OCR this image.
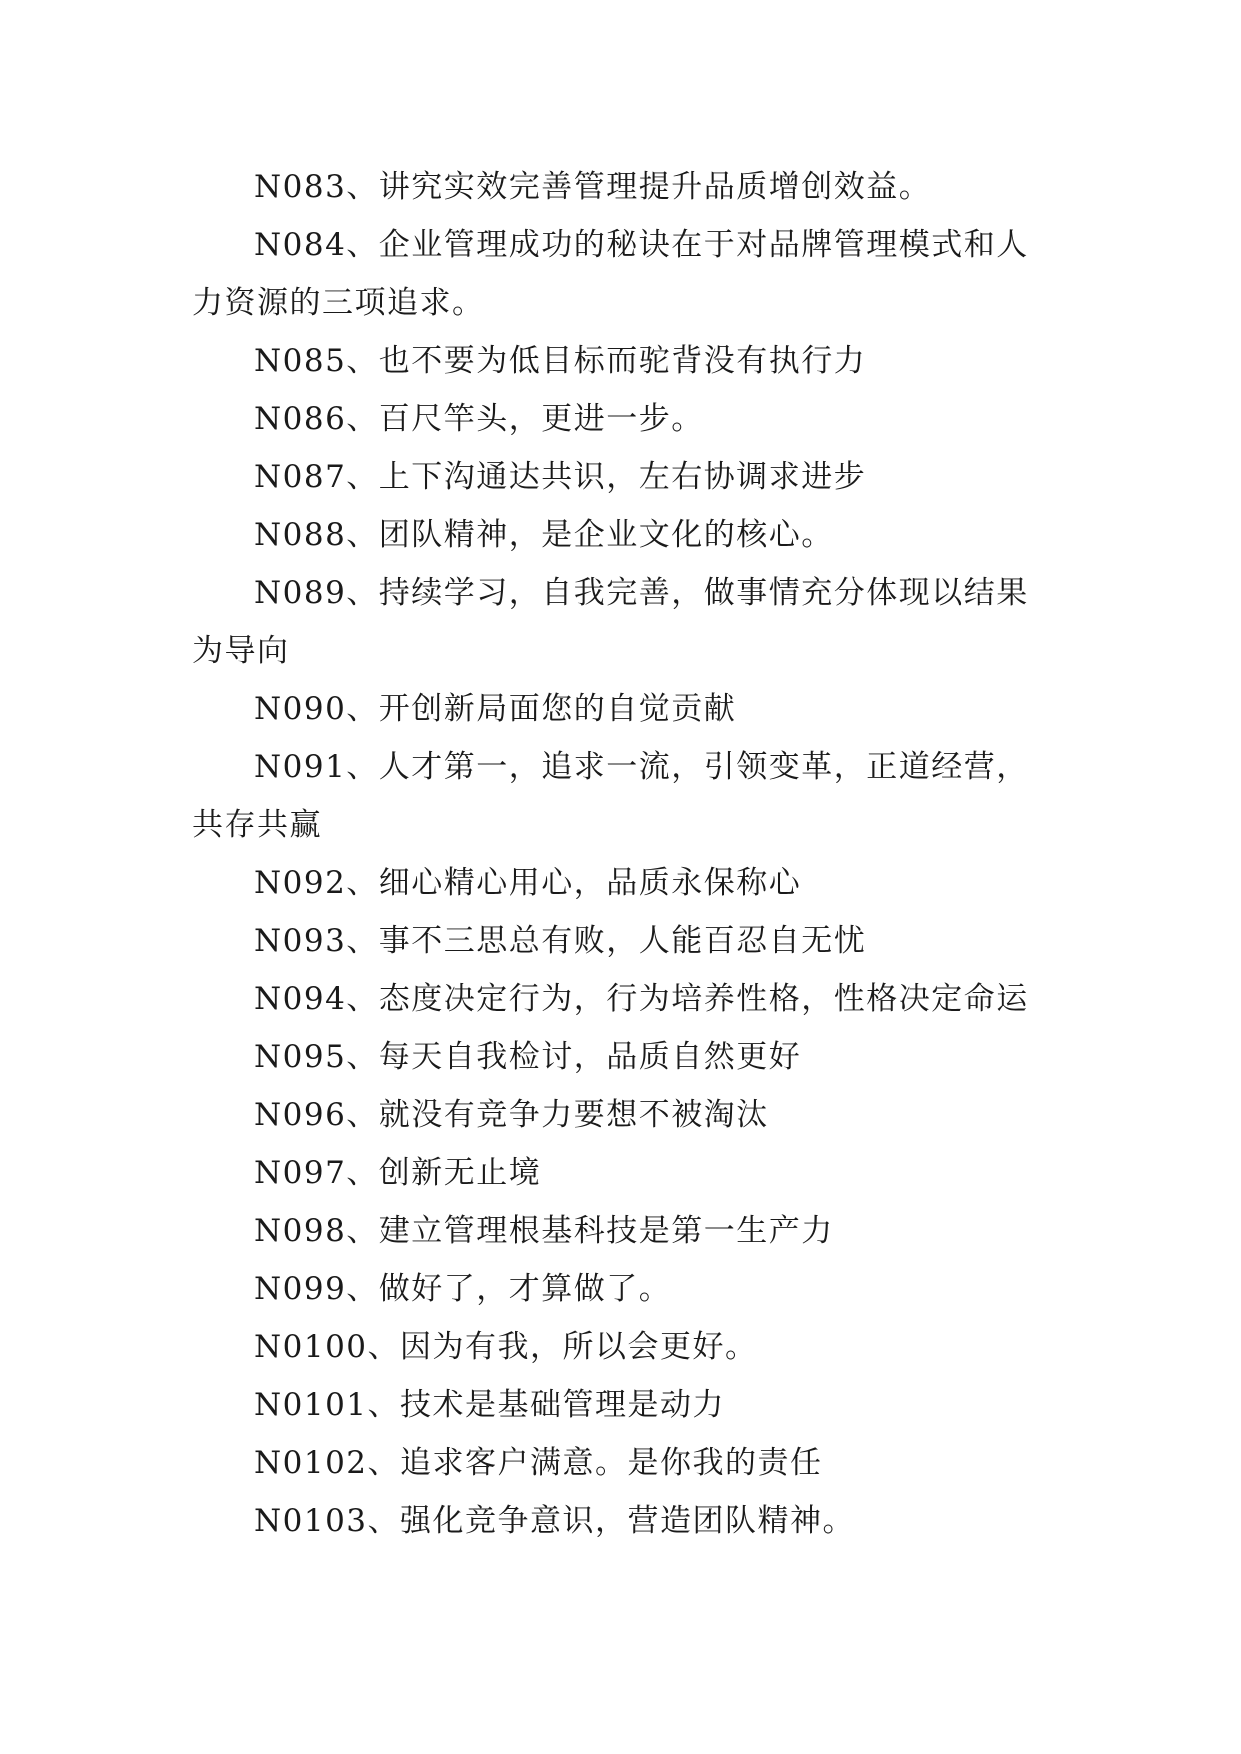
N083、讲究实效完善管理提升品质增创效益。

N084、企业管理成功的秘诀在于对品牌管理模式和人力资源的三项追求。

N085、也不要为低目标而驼背没有执行力

N086、百尺竿头，更进一步。

N087、上下沟通达共识，左右协调求进步

N088、团队精神，是企业文化的核心。

N089、持续学习，自我完善，做事情充分体现以结果为导向

N090、开创新局面您的自觉贡献

N091、人才第一，追求一流，引领变革，正道经营，共存共赢

N092、细心精心用心，品质永保称心

N093、事不三思总有败，人能百忍自无忧

N094、态度决定行为，行为培养性格，性格决定命运

N095、每天自我检讨，品质自然更好

N096、就没有竞争力要想不被淘汰

N097、创新无止境

N098、建立管理根基科技是第一生产力

N099、做好了，才算做了。

N0100、因为有我，所以会更好。

N0101、技术是基础管理是动力

N0102、追求客户满意。是你我的责任

N0103、强化竞争意识，营造团队精神。
